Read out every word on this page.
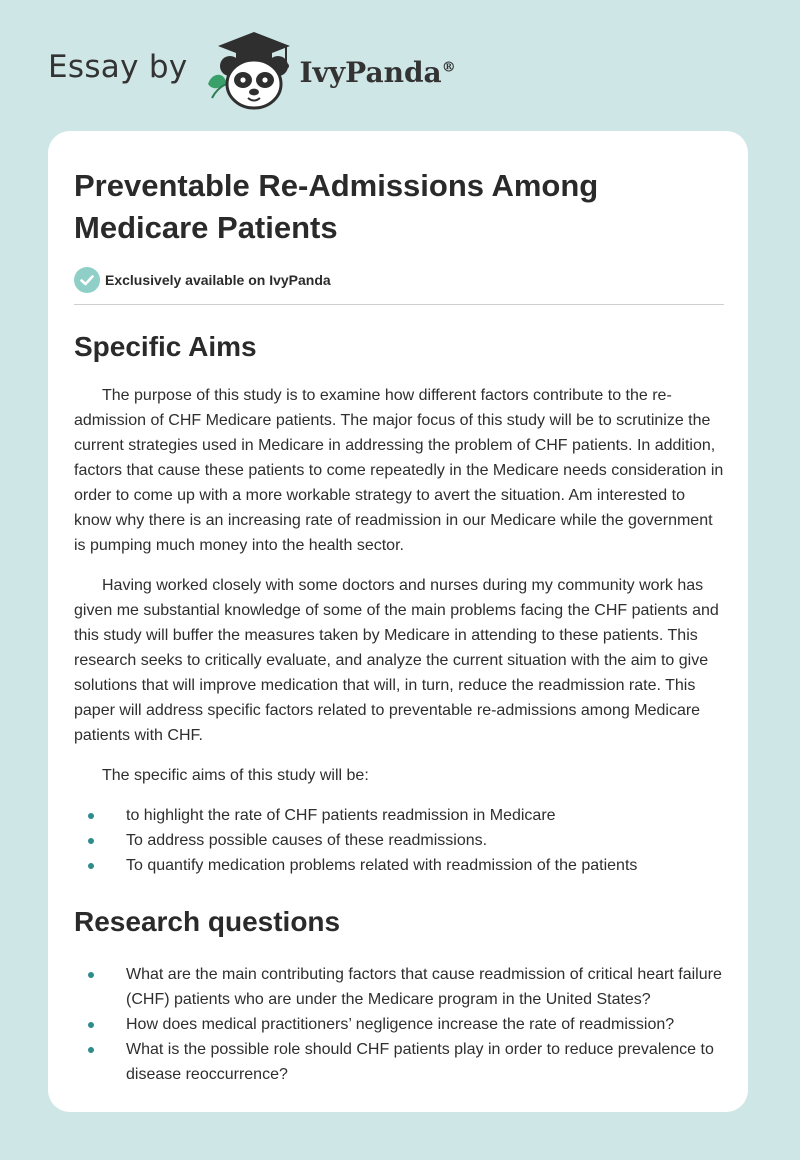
Essay by	IvyPanda®
Preventable Re-Admissions Among Medicare Patients
Exclusively available on IvyPanda
Specific Aims

The purpose of this study is to examine how different factors contribute to the re-admission of CHF Medicare patients. The major focus of this study will be to scrutinize the current strategies used in Medicare in addressing the problem of CHF patients. In addition, factors that cause these patients to come repeatedly in the Medicare needs consideration in order to come up with a more workable strategy to avert the situation. Am interested to know why there is an increasing rate of readmission in our Medicare while the government is pumping much money into the health sector.

Having worked closely with some doctors and nurses during my community work has given me substantial knowledge of some of the main problems facing the CHF patients and this study will buffer the measures taken by Medicare in attending to these patients. This research seeks to critically evaluate, and analyze the current situation with the aim to give solutions that will improve medication that will, in turn, reduce the readmission rate. This paper will address specific factors related to preventable re-admissions among Medicare patients with CHF.

The specific aims of this study will be:

to highlight the rate of CHF patients readmission in Medicare
To address possible causes of these readmissions.
To quantify medication problems related with readmission of the patients
Research questions
What are the main contributing factors that cause readmission of critical heart failure (CHF) patients who are under the Medicare program in the United States?
How does medical practitioners’ negligence increase the rate of readmission?
What is the possible role should CHF patients play in order to reduce prevalence to disease reoccurrence?
